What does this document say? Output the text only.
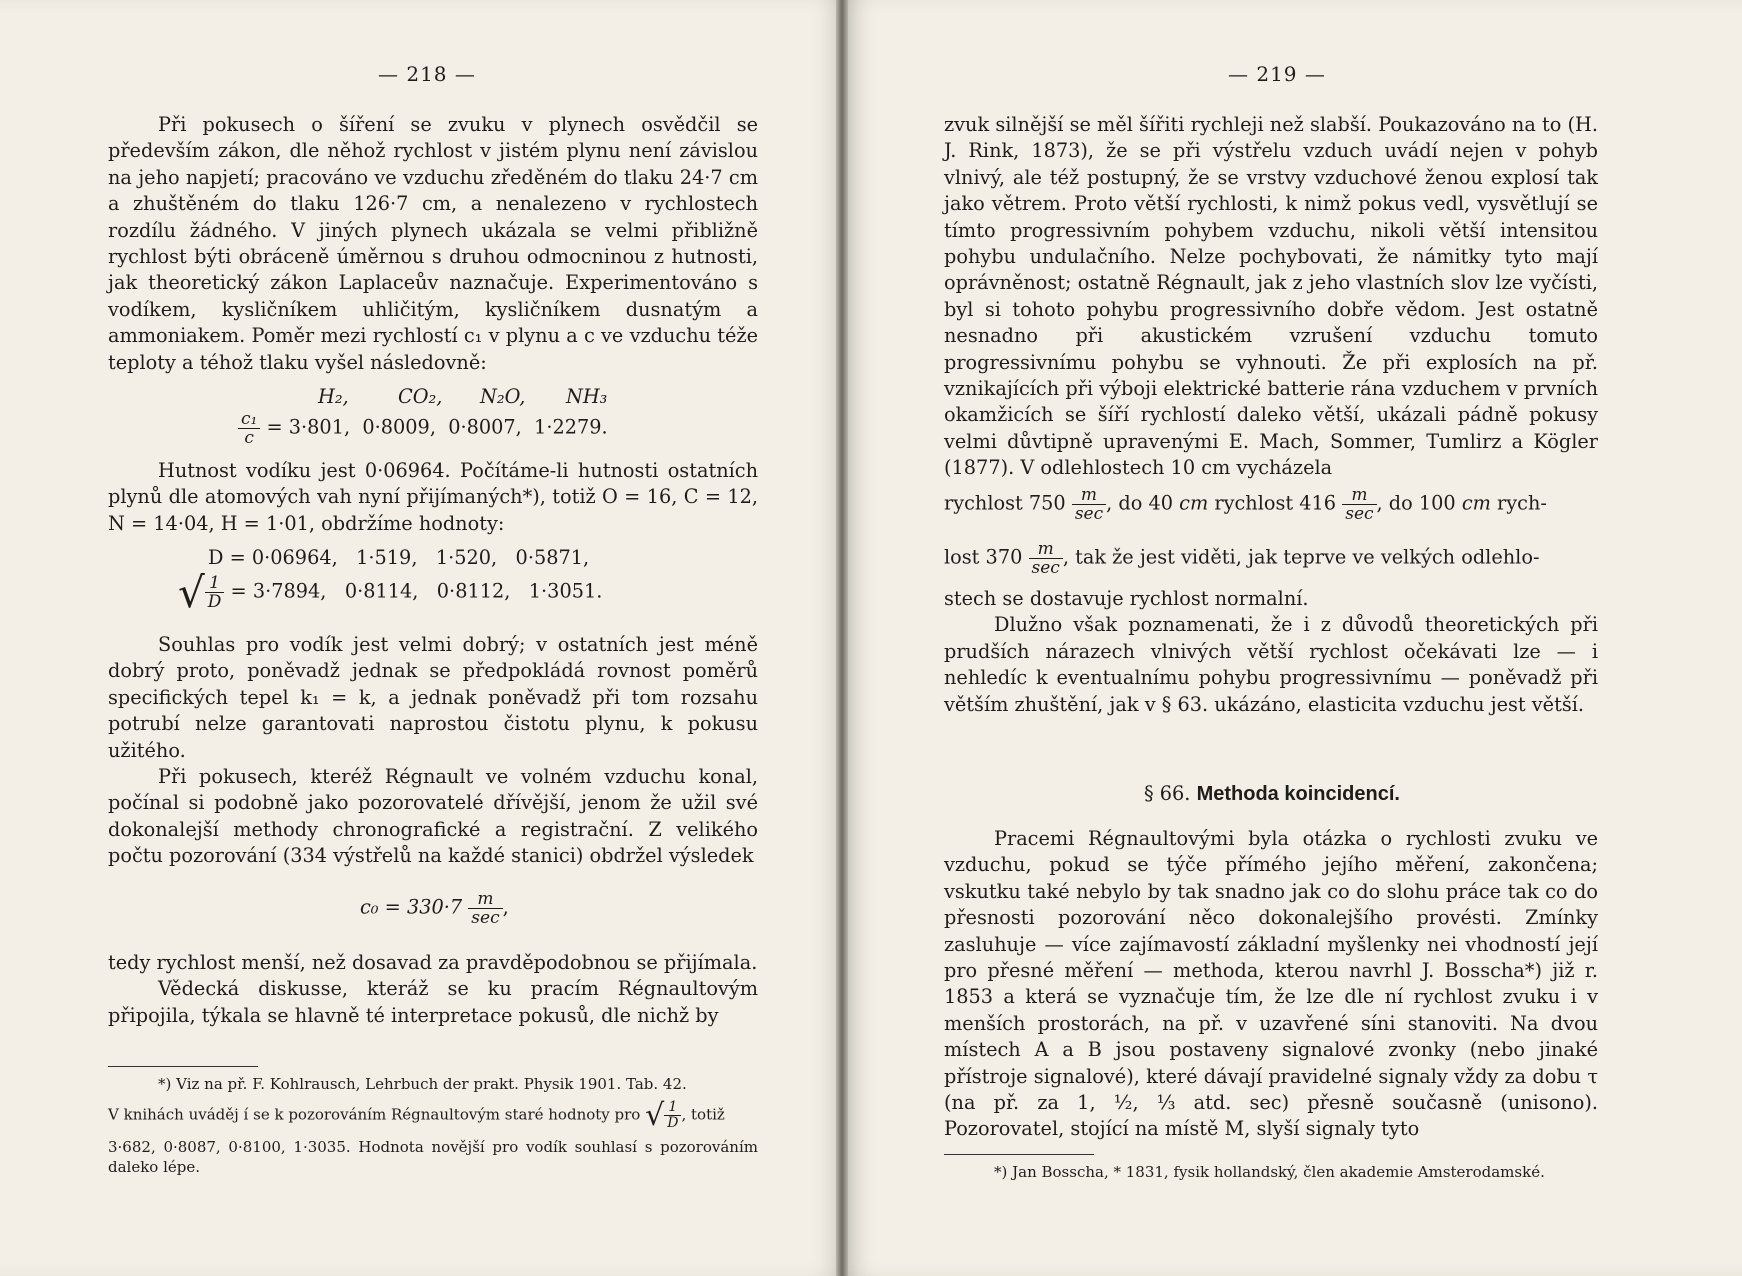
— 218 —

Při pokusech o šíření se zvuku v plynech osvědčil se především zákon, dle něhož rychlost v jistém plynu není závislou na jeho napjetí; pracováno ve vzduchu zředěném do tlaku 24·7 cm a zhuštěném do tlaku 126·7 cm, a nenalezeno v rychlostech rozdílu žádného. V jiných plynech ukázala se velmi přibližně rychlost býti obráceně úměrnou s druhou odmocninou z hutnosti, jak theoretický zákon Laplaceův naznačuje. Experimentováno s vodíkem, kysličníkem uhličitým, kysličníkem dusnatým a ammoniakem. Poměr mezi rychlostí c₁ v plynu a c ve vzduchu téže teploty a téhož tlaku vyšel následovně:

H₂,	CO₂, N₂O, NH₃
$\frac{\text{c₁}}{c} = 3\cdot 801$,  0·8009,  0·8007,  1·2279.

Hutnost vodíku jest 0·06964. Počítáme-li hutnosti ostatních plynů dle atomových vah nyní přijímaných*), totiž O = 16, C = 12, N = 14·04, H = 1·01, obdržíme hodnoty:

D = 0·06964,   1·519,   1·520,   0·5871,
√ $\frac{1}{D} = 3\cdot 7894$,   0·8114,   0·8112,   1·3051.

Souhlas pro vodík jest velmi dobrý; v ostatních jest méně dobrý proto, poněvadž jednak se předpokládá rovnost poměrů specifických tepel k₁ = k, a jednak poněvadž při tom rozsahu potrubí nelze garantovati naprostou čistotu plynu, k pokusu užitého.

Při pokusech, kteréž Régnault ve volném vzduchu konal, počínal si podobně jako pozorovatelé dřívější, jenom že užil své dokonalejší methody chronografické a registrační. Z velikého počtu pozorování (334 výstřelů na každé stanici) obdržel výsledek

$c_0 = 330\cdot 7 \frac{m}{\sec}$ ,

tedy rychlost menší, než dosavad za pravděpodobnou se přijímala.

Vědecká diskusse, kteráž se ku pracím Régnaultovým připojila, týkala se hlavně té interpretace pokusů, dle nichž by

*) Viz na př. F. Kohlrausch, Lehrbuch der prakt. Physik 1901. Tab. 42.

V knihách uváděj í se k pozorováním Régnaultovým staré hodnoty pro √ $\frac{1}{D}$ , totiž

3·682, 0·8087, 0·8100, 1·3035. Hodnota novější pro vodík souhlasí s pozorováním daleko lépe.

— 219 —

zvuk silnější se měl šířiti rychleji než slabší. Poukazováno na to (H. J. Rink, 1873), že se při výstřelu vzduch uvádí nejen v pohyb vlnivý, ale též postupný, že se vrstvy vzduchové ženou explosí tak jako větrem. Proto větší rychlosti, k nimž pokus vedl, vysvětlují se tímto progressivním pohybem vzduchu, nikoli větší intensitou pohybu undulačního. Nelze pochybovati, že námitky tyto mají oprávněnost; ostatně Régnault, jak z jeho vlastních slov lze vyčísti, byl si tohoto pohybu progressivního dobře vědom. Jest ostatně nesnadno při akustickém vzrušení vzduchu tomuto progressivnímu pohybu se vyhnouti. Že při explosích na př. vznikajících při výboji elektrické batterie rána vzduchem v prvních okamžicích se šíří rychlostí daleko větší, ukázali pádně pokusy velmi důvtipně upravenými E. Mach, Sommer, Tumlirz a Kögler (1877). V odlehlostech 10 cm vycházela

rychlost $750 \frac{m}{\sec}$ , do 40 cm rychlost $416 \frac{m}{\sec}$ , do 100 cm rych-
lost $370 \frac{m}{\sec}$ , tak že jest viděti, jak teprve ve velkých odlehlo-

stech se dostavuje rychlost normalní.

Dlužno však poznamenati, že i z důvodů theoretických při prudších nárazech vlnivých větší rychlost očekávati lze — i nehledíc k eventualnímu pohybu progressivnímu — poněvadž při větším zhuštění, jak v § 63. ukázáno, elasticita vzduchu jest větší.

§ 66. Methoda koincidencí.

Pracemi Régnaultovými byla otázka o rychlosti zvuku ve vzduchu, pokud se týče přímého jejího měření, zakončena; vskutku také nebylo by tak snadno jak co do slohu práce tak co do přesnosti pozorování něco dokonalejšího provésti. Zmínky zasluhuje — více zajímavostí základní myšlenky nei vhodností její pro přesné měření — methoda, kterou navrhl J. Bosscha*) již r. 1853 a která se vyznačuje tím, že lze dle ní rychlost zvuku i v menších prostorách, na př. v uzavřené síni stanoviti. Na dvou místech A a B jsou postaveny signalové zvonky (nebo jinaké přístroje signalové), které dávají pravidelné signaly vždy za dobu τ (na př. za 1, ½, ⅓ atd. sec) přesně současně (unisono). Pozorovatel, stojící na místě M, slyší signaly tyto

*) Jan Bosscha, * 1831, fysik hollandský, člen akademie Amsterodamské.
